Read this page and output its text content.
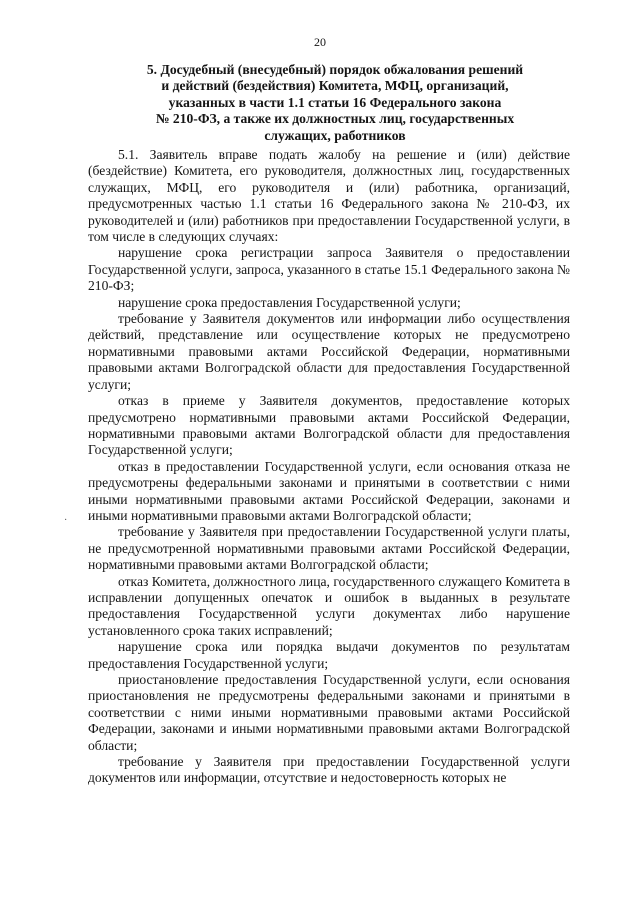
20
5. Досудебный (внесудебный) порядок обжалования решений
и действий (бездействия) Комитета, МФЦ, организаций,
указанных в части 1.1 статьи 16 Федерального закона
№ 210-ФЗ, а также их должностных лиц, государственных
служащих, работников

5.1. Заявитель вправе подать жалобу на решение и (или) действие (бездействие) Комитета, его руководителя, должностных лиц, государственных служащих, МФЦ, его руководителя и (или) работника, организаций, предусмотренных частью 1.1 статьи 16 Федерального закона № 210-ФЗ, их руководителей и (или) работников при предоставлении Государственной услуги, в том числе в следующих случаях:

нарушение срока регистрации запроса Заявителя о предоставлении Государственной услуги, запроса, указанного в статье 15.1 Федерального закона № 210-ФЗ;

нарушение срока предоставления Государственной услуги;

требование у Заявителя документов или информации либо осуществления действий, представление или осуществление которых не предусмотрено нормативными правовыми актами Российской Федерации, нормативными правовыми актами Волгоградской области для предоставления Государственной услуги;

отказ в приеме у Заявителя документов, предоставление которых предусмотрено нормативными правовыми актами Российской Федерации, нормативными правовыми актами Волгоградской области для предоставления Государственной услуги;

отказ в предоставлении Государственной услуги, если основания отказа не предусмотрены федеральными законами и принятыми в соответствии с ними иными нормативными правовыми актами Российской Федерации, законами и иными нормативными правовыми актами Волгоградской области;

требование у Заявителя при предоставлении Государственной услуги платы, не предусмотренной нормативными правовыми актами Российской Федерации, нормативными правовыми актами Волгоградской области;

отказ Комитета, должностного лица, государственного служащего Комитета в исправлении допущенных опечаток и ошибок в выданных в результате предоставления Государственной услуги документах либо нарушение установленного срока таких исправлений;

нарушение срока или порядка выдачи документов по результатам предоставления Государственной услуги;

приостановление предоставления Государственной услуги, если основания приостановления не предусмотрены федеральными законами и принятыми в соответствии с ними иными нормативными правовыми актами Российской Федерации, законами и иными нормативными правовыми актами Волгоградской области;

требование у Заявителя при предоставлении Государственной услуги документов или информации, отсутствие и недостоверность которых не

·
